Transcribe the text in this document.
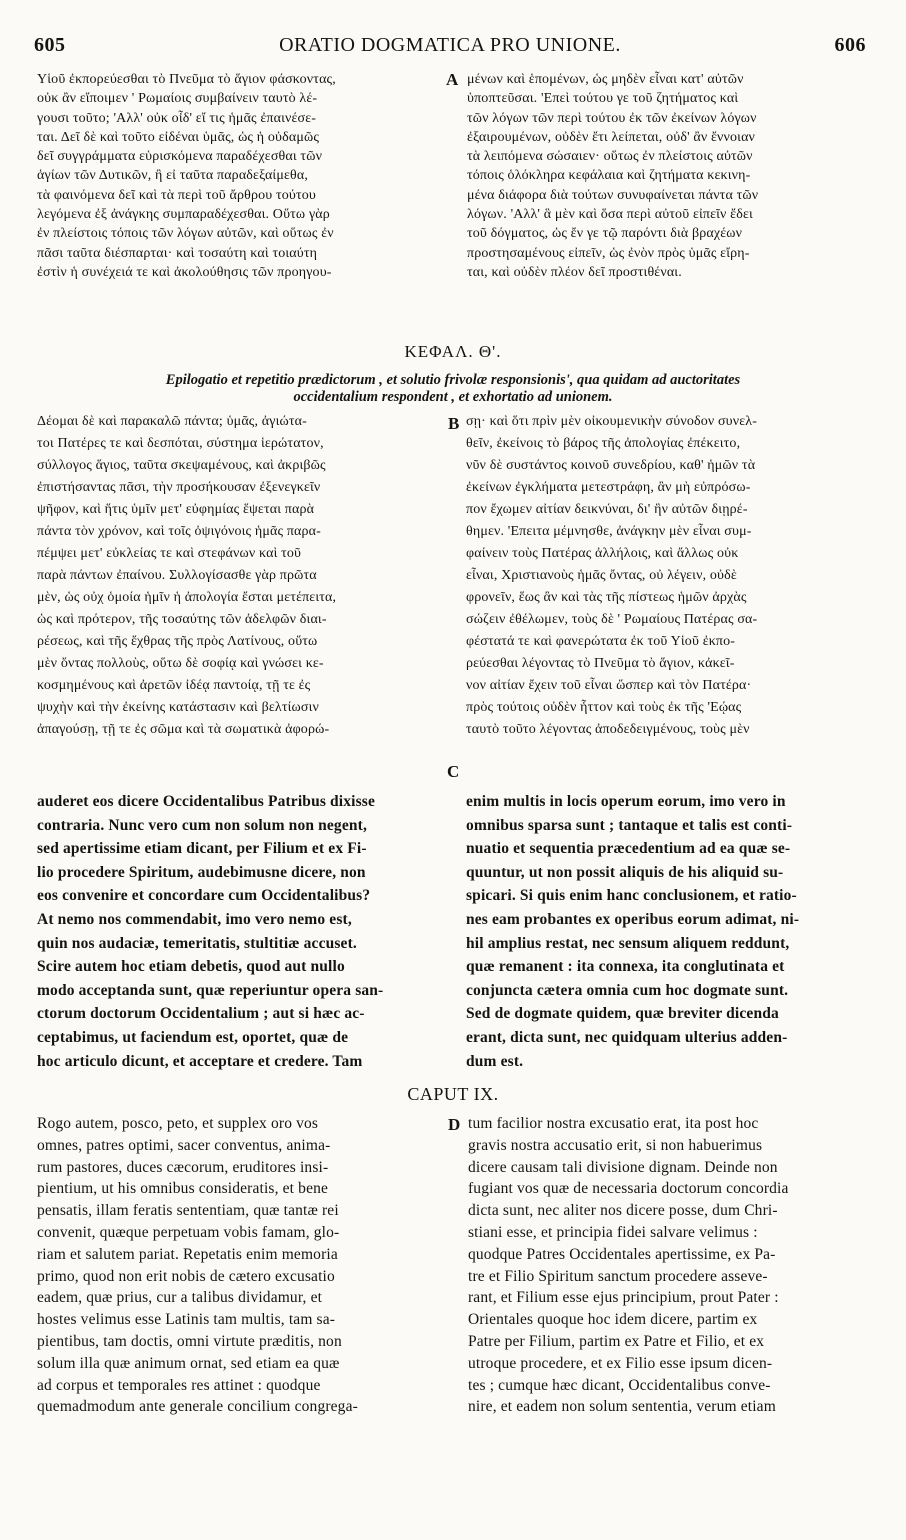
605	ORATIO DOGMATICA PRO UNIONE.	606
Υἱοῦ ἐκπορεύεσθαι τὸ Πνεῦμα τὸ ἅγιον φάσκοντας,
οὐκ ἂν εἴποιμεν ' Ρωμαίοις συμβαίνειν ταυτὸ λέ-
γουσι τοῦτο; 'Αλλ' οὐκ οἶδ' εἴ τις ἡμᾶς ἐπαινέσε-
ται. Δεῖ δὲ καὶ τοῦτο εἰδέναι ὑμᾶς, ὡς ἡ οὐδαμῶς
δεῖ συγγράμματα εὑρισκόμενα παραδέχεσθαι τῶν
ἁγίων τῶν Δυτικῶν, ἢ εἰ ταῦτα παραδεξαίμεθα,
τὰ φαινόμενα δεῖ καὶ τὰ περὶ τοῦ ἄρθρου τούτου
λεγόμενα ἐξ ἀνάγκης συμπαραδέχεσθαι. Οὕτω γὰρ
ἐν πλείστοις τόποις τῶν λόγων αὐτῶν, καὶ οὕτως ἐν
πᾶσι ταῦτα διέσπαρται· καὶ τοσαύτη καὶ τοιαύτη
ἐστὶν ἡ συνέχειά τε καὶ ἀκολούθησις τῶν προηγου-
A μένων καὶ ἑπομένων, ὡς μηδὲν εἶναι κατ' αὐτῶν
ὑποπτεῦσαι. 'Επεὶ τούτου γε τοῦ ζητήματος καὶ
τῶν λόγων τῶν περὶ τούτου ἐκ τῶν ἐκείνων λόγων
ἐξαιρουμένων, οὐδὲν ἔτι λείπεται, οὐδ' ἂν ἔννοιαν
τὰ λειπόμενα σώσαιεν· οὕτως ἐν πλείστοις αὐτῶν
τόποις ὁλόκληρα κεφάλαια καὶ ζητήματα κεκινη-
μένα διάφορα διὰ τούτων συνυφαίνεται πάντα τῶν
λόγων. 'Αλλ' ἃ μὲν καὶ ὅσα περὶ αὐτοῦ εἰπεῖν ἔδει
τοῦ δόγματος, ὡς ἔν γε τῷ παρόντι διὰ βραχέων
προστησαμένους εἰπεῖν, ὡς ἐνὸν πρὸς ὑμᾶς εἴρη-
ται, καὶ οὐδὲν πλέον δεῖ προστιθέναι.
ΚΕΦΑΛ. Θ'.
Epilogatio et repetitio prædictorum , et solutio frivolæ responsionis', qua quidam ad auctoritates
occidentalium respondent , et exhortatio ad unionem.
Δέομαι δὲ καὶ παρακαλῶ πάντα; ὑμᾶς, ἀγιώτα-
τοι Πατέρες τε καὶ δεσπόται, σύστημα ἱερώτατον,
σύλλογος ἅγιος, ταῦτα σκεψαμένους, καὶ ἀκριβῶς
ἐπιστήσαντας πᾶσι, τὴν προσήκουσαν ἐξενεγκεῖν
ψῆφον, καὶ ἥτις ὑμῖν μετ' εὐφημίας ἕψεται παρὰ
πάντα τὸν χρόνον, καὶ τοῖς ὀψιγόνοις ἡμᾶς παρα-
πέμψει μετ' εὐκλείας τε καὶ στεφάνων καὶ τοῦ
παρὰ πάντων ἐπαίνου. Συλλογίσασθε γὰρ πρῶτα
μὲν, ὡς οὐχ ὁμοία ἡμῖν ἡ ἀπολογία ἔσται μετέπειτα,
ὡς καὶ πρότερον, τῆς τοσαύτης τῶν ἀδελφῶν διαι-
ρέσεως, καὶ τῆς ἔχθρας τῆς πρὸς Λατίνους, οὕτω
μὲν ὄντας πολλοὺς, οὕτω δὲ σοφίᾳ καὶ γνώσει κε-
κοσμημένους καὶ ἀρετῶν ἰδέᾳ παντοίᾳ, τῇ τε ἐς
ψυχὴν καὶ τὴν ἐκείνης κατάστασιν καὶ βελτίωσιν
ἀπαγούσῃ, τῇ τε ἐς σῶμα καὶ τὰ σωματικὰ ἀφορώ-
B
C
σῃ· καὶ ὅτι πρὶν μὲν οἰκουμενικὴν σύνοδον συνελ-
θεῖν, ἐκείνοις τὸ βάρος τῆς ἀπολογίας ἐπέκειτο,
νῦν δὲ συστάντος κοινοῦ συνεδρίου, καθ' ἡμῶν τὰ
ἐκείνων ἐγκλήματα μετεστράφη, ἂν μὴ εὐπρόσω-
πον ἔχωμεν αἰτίαν δεικνύναι, δι' ἣν αὐτῶν διῃρέ-
θημεν. 'Επειτα μέμνησθε, ἀνάγκην μὲν εἶναι συμ-
φαίνειν τοὺς Πατέρας ἀλλήλοις, καὶ ἄλλως οὐκ
εἶναι, Χριστιανοὺς ἡμᾶς ὄντας, οὐ λέγειν, οὐδὲ
φρονεῖν, ἕως ἂν καὶ τὰς τῆς πίστεως ἡμῶν ἀρχὰς
σώζειν ἐθέλωμεν, τοὺς δὲ ' Ρωμαίους Πατέρας σα-
φέστατά τε καὶ φανερώτατα ἐκ τοῦ Υἱοῦ ἐκπο-
ρεύεσθαι λέγοντας τὸ Πνεῦμα τὸ ἅγιον, κἀκεῖ-
νον αἰτίαν ἔχειν τοῦ εἶναι ὥσπερ καὶ τὸν Πατέρα·
πρὸς τούτοις οὐδὲν ἧττον καὶ τοὺς ἐκ τῆς 'Εῴας
ταυτὸ τοῦτο λέγοντας ἀποδεδειγμένους, τοὺς μὲν
auderet eos dicere Occidentalibus Patribus dixisse
contraria. Nunc vero cum non solum non negent,
sed apertissime etiam dicant, per Filium et ex Fi-
lio procedere Spiritum, audebimusne dicere, non
eos convenire et concordare cum Occidentalibus?
At nemo nos commendabit, imo vero nemo est,
quin nos audaciæ, temeritatis, stultitiæ accuset.
Scire autem hoc etiam debetis, quod aut nullo
modo acceptanda sunt, quæ reperiuntur opera san-
ctorum doctorum Occidentalium ; aut si hæc ac-
ceptabimus, ut faciendum est, oportet, quæ de
hoc articulo dicunt, et acceptare et credere. Tam
enim multis in locis operum eorum, imo vero in
omnibus sparsa sunt ; tantaque et talis est conti-
nuatio et sequentia præcedentium ad ea quæ se-
quuntur, ut non possit aliquis de his aliquid su-
spicari. Si quis enim hanc conclusionem, et ratio-
nes eam probantes ex operibus eorum adimat, ni-
hil amplius restat, nec sensum aliquem reddunt,
quæ remanent : ita connexa, ita conglutinata et
conjuncta cætera omnia cum hoc dogmate sunt.
Sed de dogmate quidem, quæ breviter dicenda
erant, dicta sunt, nec quidquam ulterius adden-
dum est.
CAPUT IX.
Rogo autem, posco, peto, et supplex oro vos
omnes, patres optimi, sacer conventus, anima-
rum pastores, duces cæcorum, eruditores insi-
pientium, ut his omnibus consideratis, et bene
pensatis, illam feratis sententiam, quæ tantæ rei
convenit, quæque perpetuam vobis famam, glo-
riam et salutem pariat. Repetatis enim memoria
primo, quod non erit nobis de cætero excusatio
eadem, quæ prius, cur a talibus dividamur, et
hostes velimus esse Latinis tam multis, tam sa-
pientibus, tam doctis, omni virtute præditis, non
solum illa quæ animum ornat, sed etiam ea quæ
ad corpus et temporales res attinet : quodque
quemadmodum ante generale concilium congrega-
D tum facilior nostra excusatio erat, ita post hoc
gravis nostra accusatio erit, si non habuerimus
dicere causam tali divisione dignam. Deinde non
fugiant vos quæ de necessaria doctorum concordia
dicta sunt, nec aliter nos dicere posse, dum Chri-
stiani esse, et principia fidei salvare velimus :
quodque Patres Occidentales apertissime, ex Pa-
tre et Filio Spiritum sanctum procedere asseve-
rant, et Filium esse ejus principium, prout Pater :
Orientales quoque hoc idem dicere, partim ex
Patre per Filium, partim ex Patre et Filio, et ex
utroque procedere, et ex Filio esse ipsum dicen-
tes ; cumque hæc dicant, Occidentalibus conve-
nire, et eadem non solum sententia, verum etiam
